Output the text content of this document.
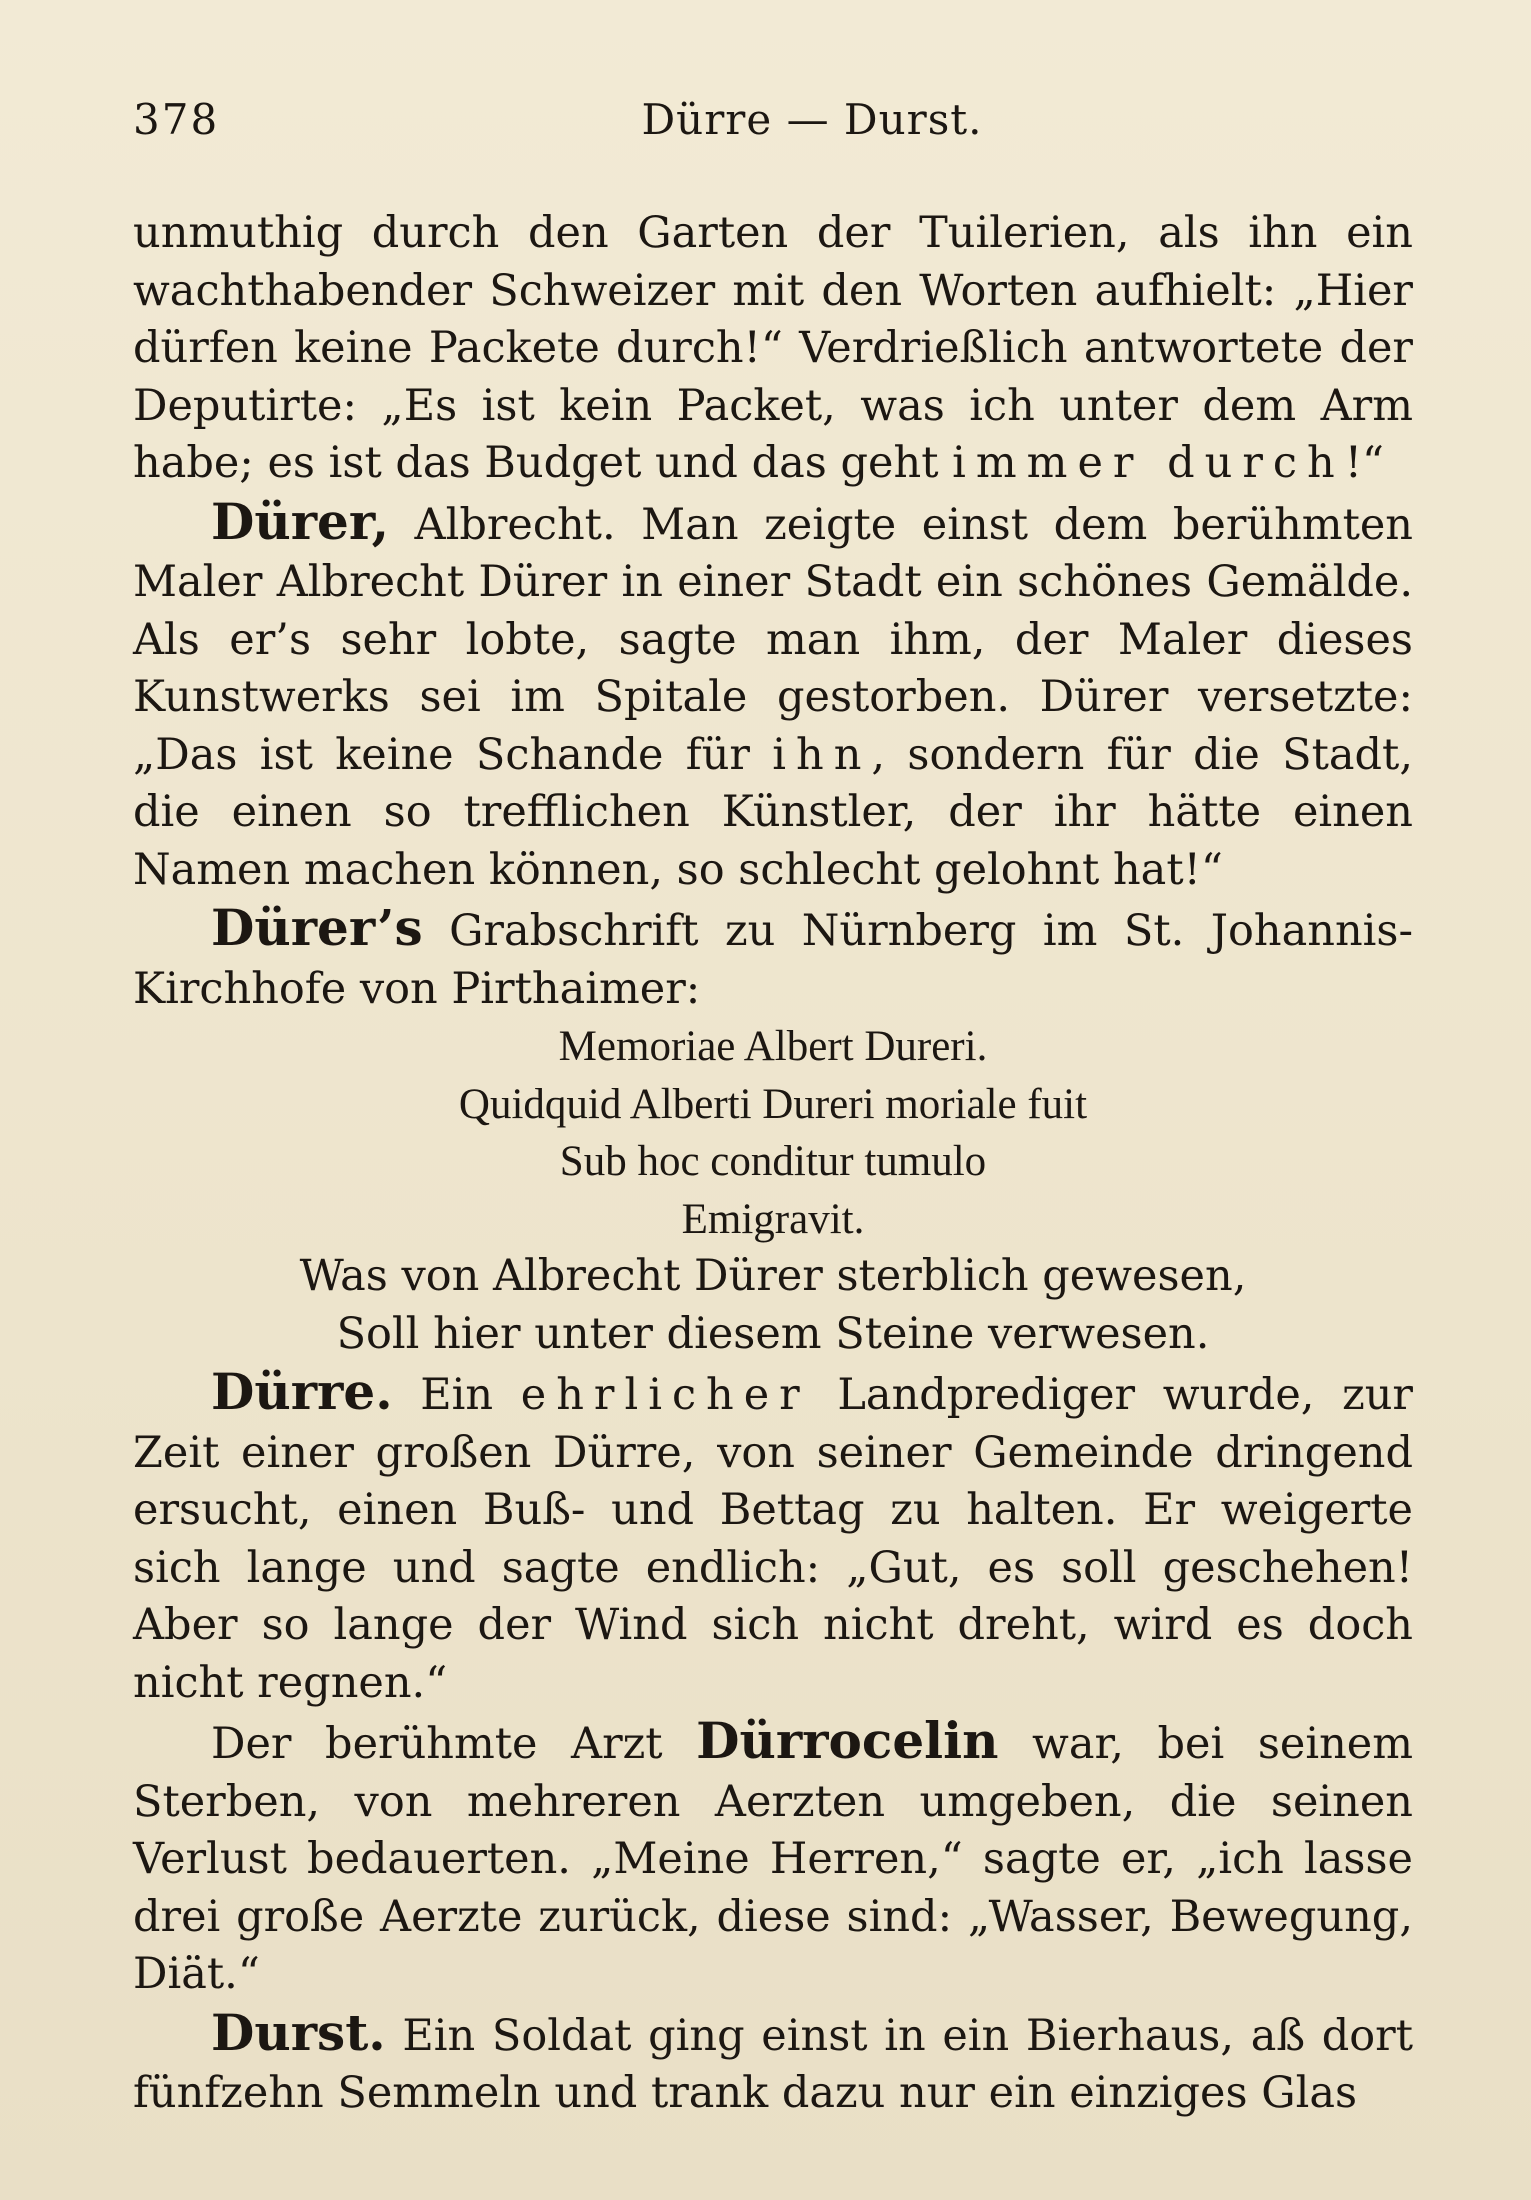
378	Dürre — Durst.

unmuthig durch den Garten der Tuilerien, als ihn ein wachthabender Schweizer mit den Worten aufhielt: „Hier dürfen keine Packete durch!“ Verdrießlich antwortete der Deputirte: „Es ist kein Packet, was ich unter dem Arm habe; es ist das Budget und das geht immer durch!“

Dürer, Albrecht. Man zeigte einst dem berühmten Maler Albrecht Dürer in einer Stadt ein schönes Gemälde. Als er’s sehr lobte, sagte man ihm, der Maler dieses Kunstwerks sei im Spitale gestorben. Dürer versetzte: „Das ist keine Schande für ihn, sondern für die Stadt, die einen so trefflichen Künstler, der ihr hätte einen Namen machen können, so schlecht gelohnt hat!“

Dürer’s Grabschrift zu Nürnberg im St. Johannis-Kirchhofe von Pirthaimer:

Memoriae Albert Dureri.
Quidquid Alberti Dureri moriale fuit
Sub hoc conditur tumulo
Emigravit.
Was von Albrecht Dürer sterblich gewesen,
Soll hier unter diesem Steine verwesen.

Dürre. Ein ehrlicher Landprediger wurde, zur Zeit einer großen Dürre, von seiner Gemeinde dringend ersucht, einen Buß- und Bettag zu halten. Er weigerte sich lange und sagte endlich: „Gut, es soll geschehen! Aber so lange der Wind sich nicht dreht, wird es doch nicht regnen.“

Der berühmte Arzt Dürrocelin war, bei seinem Sterben, von mehreren Aerzten umgeben, die seinen Verlust bedauerten. „Meine Herren,“ sagte er, „ich lasse drei große Aerzte zurück, diese sind: „Wasser, Bewegung, Diät.“

Durst. Ein Soldat ging einst in ein Bierhaus, aß dort fünfzehn Semmeln und trank dazu nur ein einziges Glas
